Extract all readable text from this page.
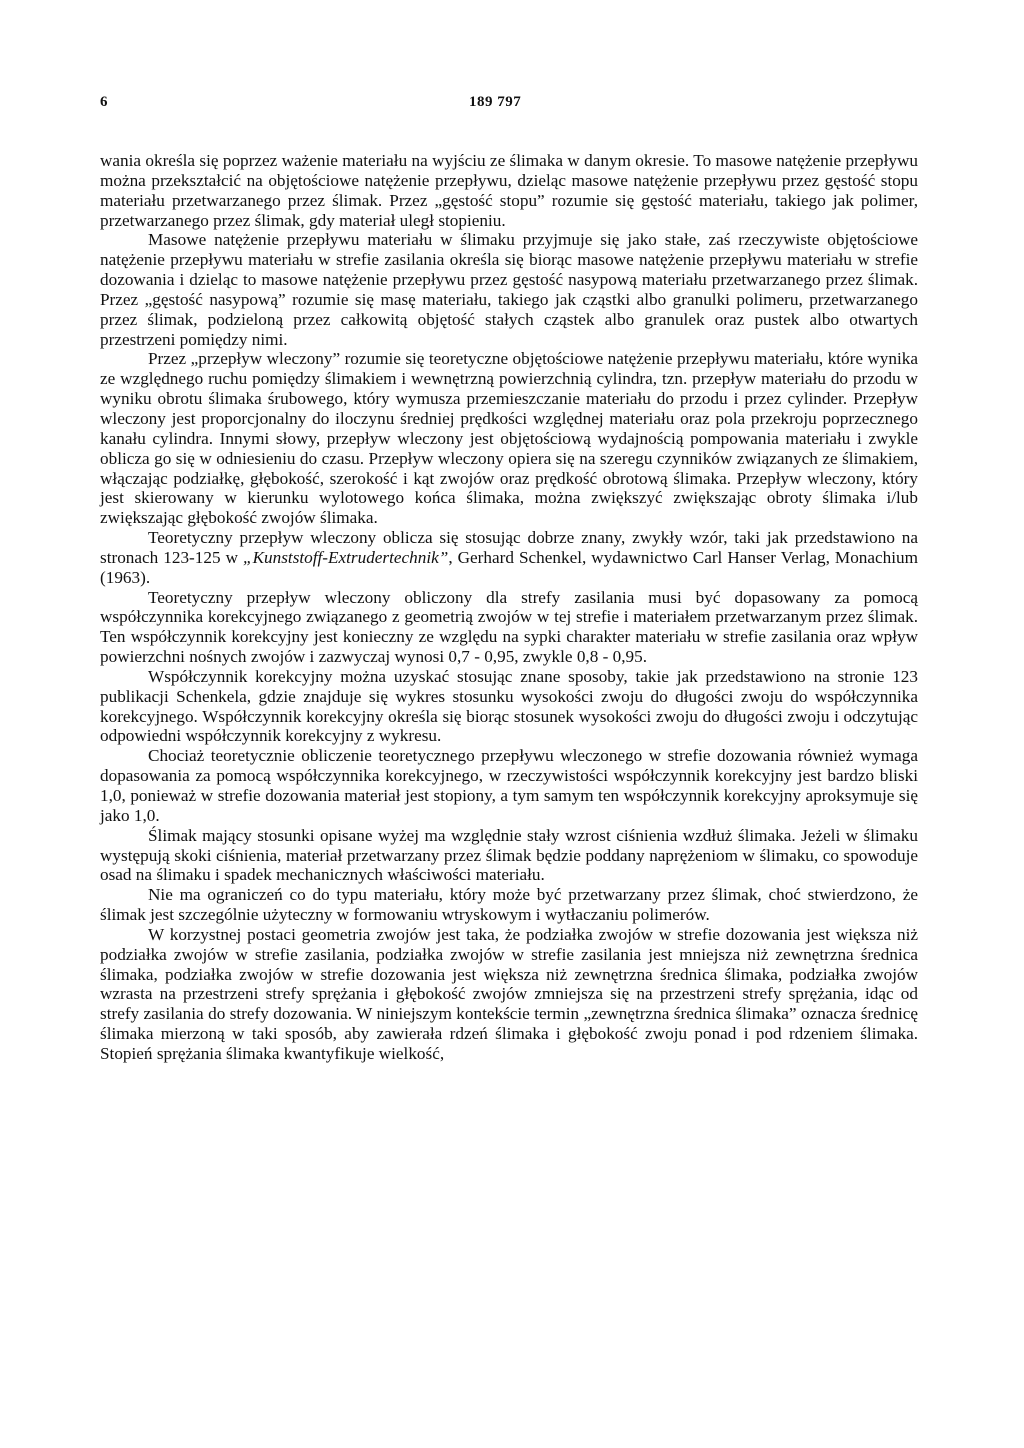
6	189 797

wania określa się poprzez ważenie materiału na wyjściu ze ślimaka w danym okresie. To masowe natężenie przepływu można przekształcić na objętościowe natężenie przepływu, dzieląc masowe natężenie przepływu przez gęstość stopu materiału przetwarzanego przez ślimak. Przez „gęstość stopu” rozumie się gęstość materiału, takiego jak polimer, przetwarzanego przez ślimak, gdy materiał uległ stopieniu.

Masowe natężenie przepływu materiału w ślimaku przyjmuje się jako stałe, zaś rzeczywiste objętościowe natężenie przepływu materiału w strefie zasilania określa się biorąc masowe natężenie przepływu materiału w strefie dozowania i dzieląc to masowe natężenie przepływu przez gęstość nasypową materiału przetwarzanego przez ślimak. Przez „gęstość nasypową” rozumie się masę materiału, takiego jak cząstki albo granulki polimeru, przetwarzanego przez ślimak, podzieloną przez całkowitą objętość stałych cząstek albo granulek oraz pustek albo otwartych przestrzeni pomiędzy nimi.

Przez „przepływ wleczony” rozumie się teoretyczne objętościowe natężenie przepływu materiału, które wynika ze względnego ruchu pomiędzy ślimakiem i wewnętrzną powierzchnią cylindra, tzn. przepływ materiału do przodu w wyniku obrotu ślimaka śrubowego, który wymusza przemieszczanie materiału do przodu i przez cylinder. Przepływ wleczony jest proporcjonalny do iloczynu średniej prędkości względnej materiału oraz pola przekroju poprzecznego kanału cylindra. Innymi słowy, przepływ wleczony jest objętościową wydajnością pompowania materiału i zwykle oblicza go się w odniesieniu do czasu. Przepływ wleczony opiera się na szeregu czynników związanych ze ślimakiem, włączając podziałkę, głębokość, szerokość i kąt zwojów oraz prędkość obrotową ślimaka. Przepływ wleczony, który jest skierowany w kierunku wylotowego końca ślimaka, można zwiększyć zwiększając obroty ślimaka i/lub zwiększając głębokość zwojów ślimaka.

Teoretyczny przepływ wleczony oblicza się stosując dobrze znany, zwykły wzór, taki jak przedstawiono na stronach 123-125 w „Kunststoff-Extrudertechnik”, Gerhard Schenkel, wydawnictwo Carl Hanser Verlag, Monachium (1963).

Teoretyczny przepływ wleczony obliczony dla strefy zasilania musi być dopasowany za pomocą współczynnika korekcyjnego związanego z geometrią zwojów w tej strefie i materiałem przetwarzanym przez ślimak. Ten współczynnik korekcyjny jest konieczny ze względu na sypki charakter materiału w strefie zasilania oraz wpływ powierzchni nośnych zwojów i zazwyczaj wynosi 0,7 - 0,95, zwykle 0,8 - 0,95.

Współczynnik korekcyjny można uzyskać stosując znane sposoby, takie jak przedstawiono na stronie 123 publikacji Schenkela, gdzie znajduje się wykres stosunku wysokości zwoju do długości zwoju do współczynnika korekcyjnego. Współczynnik korekcyjny określa się biorąc stosunek wysokości zwoju do długości zwoju i odczytując odpowiedni współczynnik korekcyjny z wykresu.

Chociaż teoretycznie obliczenie teoretycznego przepływu wleczonego w strefie dozowania również wymaga dopasowania za pomocą współczynnika korekcyjnego, w rzeczywistości współczynnik korekcyjny jest bardzo bliski 1,0, ponieważ w strefie dozowania materiał jest stopiony, a tym samym ten współczynnik korekcyjny aproksymuje się jako 1,0.

Ślimak mający stosunki opisane wyżej ma względnie stały wzrost ciśnienia wzdłuż ślimaka. Jeżeli w ślimaku występują skoki ciśnienia, materiał przetwarzany przez ślimak będzie poddany naprężeniom w ślimaku, co spowoduje osad na ślimaku i spadek mechanicznych właściwości materiału.

Nie ma ograniczeń co do typu materiału, który może być przetwarzany przez ślimak, choć stwierdzono, że ślimak jest szczególnie użyteczny w formowaniu wtryskowym i wytłaczaniu polimerów.

W korzystnej postaci geometria zwojów jest taka, że podziałka zwojów w strefie dozowania jest większa niż podziałka zwojów w strefie zasilania, podziałka zwojów w strefie zasilania jest mniejsza niż zewnętrzna średnica ślimaka, podziałka zwojów w strefie dozowania jest większa niż zewnętrzna średnica ślimaka, podziałka zwojów wzrasta na przestrzeni strefy sprężania i głębokość zwojów zmniejsza się na przestrzeni strefy sprężania, idąc od strefy zasilania do strefy dozowania. W niniejszym kontekście termin „zewnętrzna średnica ślimaka” oznacza średnicę ślimaka mierzoną w taki sposób, aby zawierała rdzeń ślimaka i głębokość zwoju ponad i pod rdzeniem ślimaka. Stopień sprężania ślimaka kwantyfikuje wielkość,
